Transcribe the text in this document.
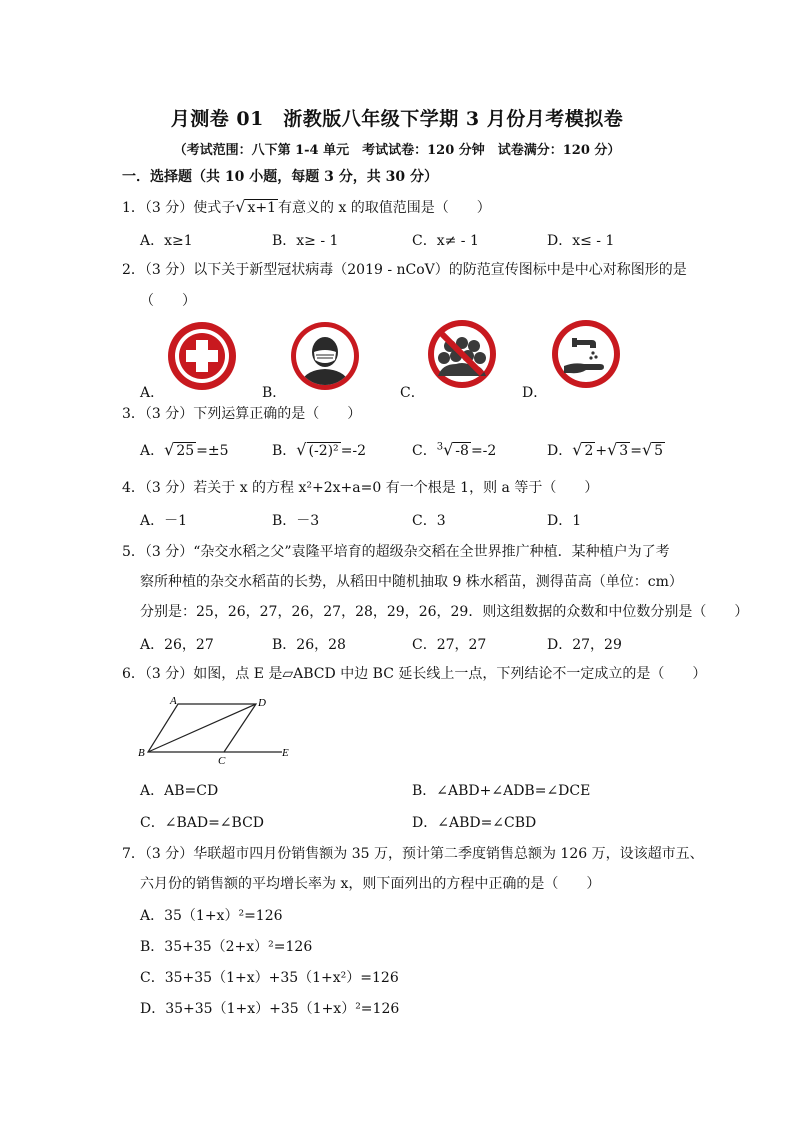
月测卷 01　浙教版八年级下学期 3 月份月考模拟卷
（考试范围：八下第 1-4 单元　考试试卷：120 分钟　试卷满分：120 分）
一．选择题（共 10 小题，每题 3 分，共 30 分）
1．（3 分）使式子√ x+1 有意义的 x 的取值范围是（　　）
A．x≥1	B．x≥ - 1	C．x≠ - 1	D．x≤ - 1
2．（3 分）以下关于新型冠状病毒（2019 - nCoV）的防范宣传图标中是中心对称图形的是
（　　）
A．	B．	C．	D．
3．（3 分）下列运算正确的是（　　）
A．√ 25 =±5	B．√ (-2)² =-2	C．$^3$√ -8 =-2	D．√ 2 +√ 3 =√ 5
4．（3 分）若关于 x 的方程 x²+2x+a=0 有一个根是 1，则 a 等于（　　）
A．－1	B．－3	C．3	D．1
5．（3 分）“杂交水稻之父”袁隆平培育的超级杂交稻在全世界推广种植．某种植户为了考
察所种植的杂交水稻苗的长势，从稻田中随机抽取 9 株水稻苗，测得苗高（单位：cm）
分别是：25，26，27，26，27，28，29，26，29．则这组数据的众数和中位数分别是（　　）
A．26，27	B．26，28	C．27，27	D．27，29
6．（3 分）如图，点 E 是▱ABCD 中边 BC 延长线上一点，下列结论不一定成立的是（　　）
A	D
B
C
E
A．AB=CD	B．∠ABD+∠ADB=∠DCE
C．∠BAD=∠BCD	D．∠ABD=∠CBD
7．（3 分）华联超市四月份销售额为 35 万，预计第二季度销售总额为 126 万，设该超市五、
六月份的销售额的平均增长率为 x，则下面列出的方程中正确的是（　　）
A．35（1+x）²=126
B．35+35（2+x）²=126
C．35+35（1+x）+35（1+x²）=126
D．35+35（1+x）+35（1+x）²=126
